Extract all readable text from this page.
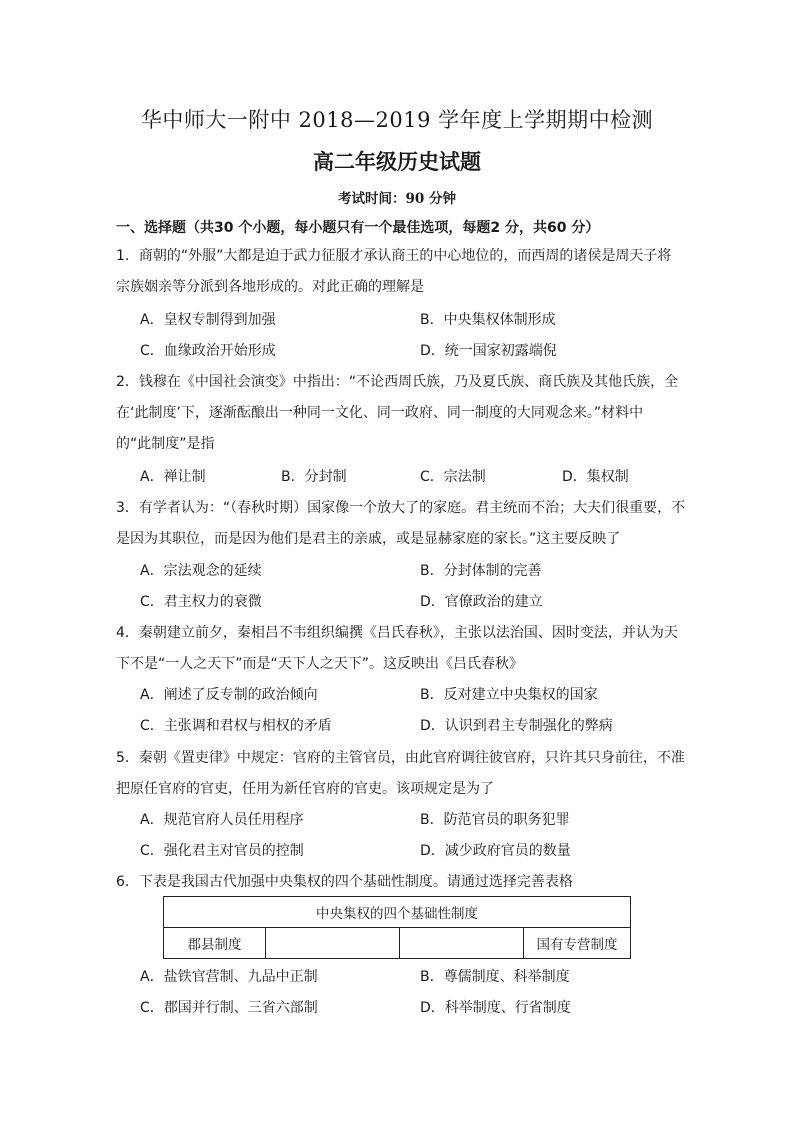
华中师大一附中 2018—2019 学年度上学期期中检测
高二年级历史试题
考试时间：90 分钟
一、选择题（共30 个小题，每小题只有一个最佳选项，每题2 分，共60 分）
1．商朝的“外服”大都是迫于武力征服才承认商王的中心地位的，而西周的诸侯是周天子将
宗族姻亲等分派到各地形成的。对此正确的理解是
A．皇权专制得到加强	B．中央集权体制形成
C．血缘政治开始形成	D．统一国家初露端倪
2．钱穆在《中国社会演变》中指出：“不论西周氏族，乃及夏氏族、商氏族及其他氏族，全
在‘此制度’下，逐渐酝酿出一种同一文化、同一政府、同一制度的大同观念来。”材料中
的“此制度”是指
A．禅让制	B．分封制	C．宗法制	D．集权制
3．有学者认为：“（春秋时期）国家像一个放大了的家庭。君主统而不治；大夫们很重要，不
是因为其职位，而是因为他们是君主的亲戚，或是显赫家庭的家长。”这主要反映了
A．宗法观念的延续	B．分封体制的完善
C．君主权力的衰微	D．官僚政治的建立
4．秦朝建立前夕，秦相吕不韦组织编撰《吕氏春秋》，主张以法治国、因时变法，并认为天
下不是“一人之天下”而是“天下人之天下”。这反映出《吕氏春秋》
A．阐述了反专制的政治倾向	B．反对建立中央集权的国家
C．主张调和君权与相权的矛盾	D．认识到君主专制强化的弊病
5．秦朝《置吏律》中规定：官府的主管官员，由此官府调往彼官府，只许其只身前往，不准
把原任官府的官吏，任用为新任官府的官吏。该项规定是为了
A．规范官府人员任用程序	B．防范官员的职务犯罪
C．强化君主对官员的控制	D．减少政府官员的数量
6．下表是我国古代加强中央集权的四个基础性制度。请通过选择完善表格
中央集权的四个基础性制度
郡县制度			国有专营制度
A．盐铁官营制、九品中正制	B．尊儒制度、科举制度
C．郡国并行制、三省六部制	D．科举制度、行省制度
